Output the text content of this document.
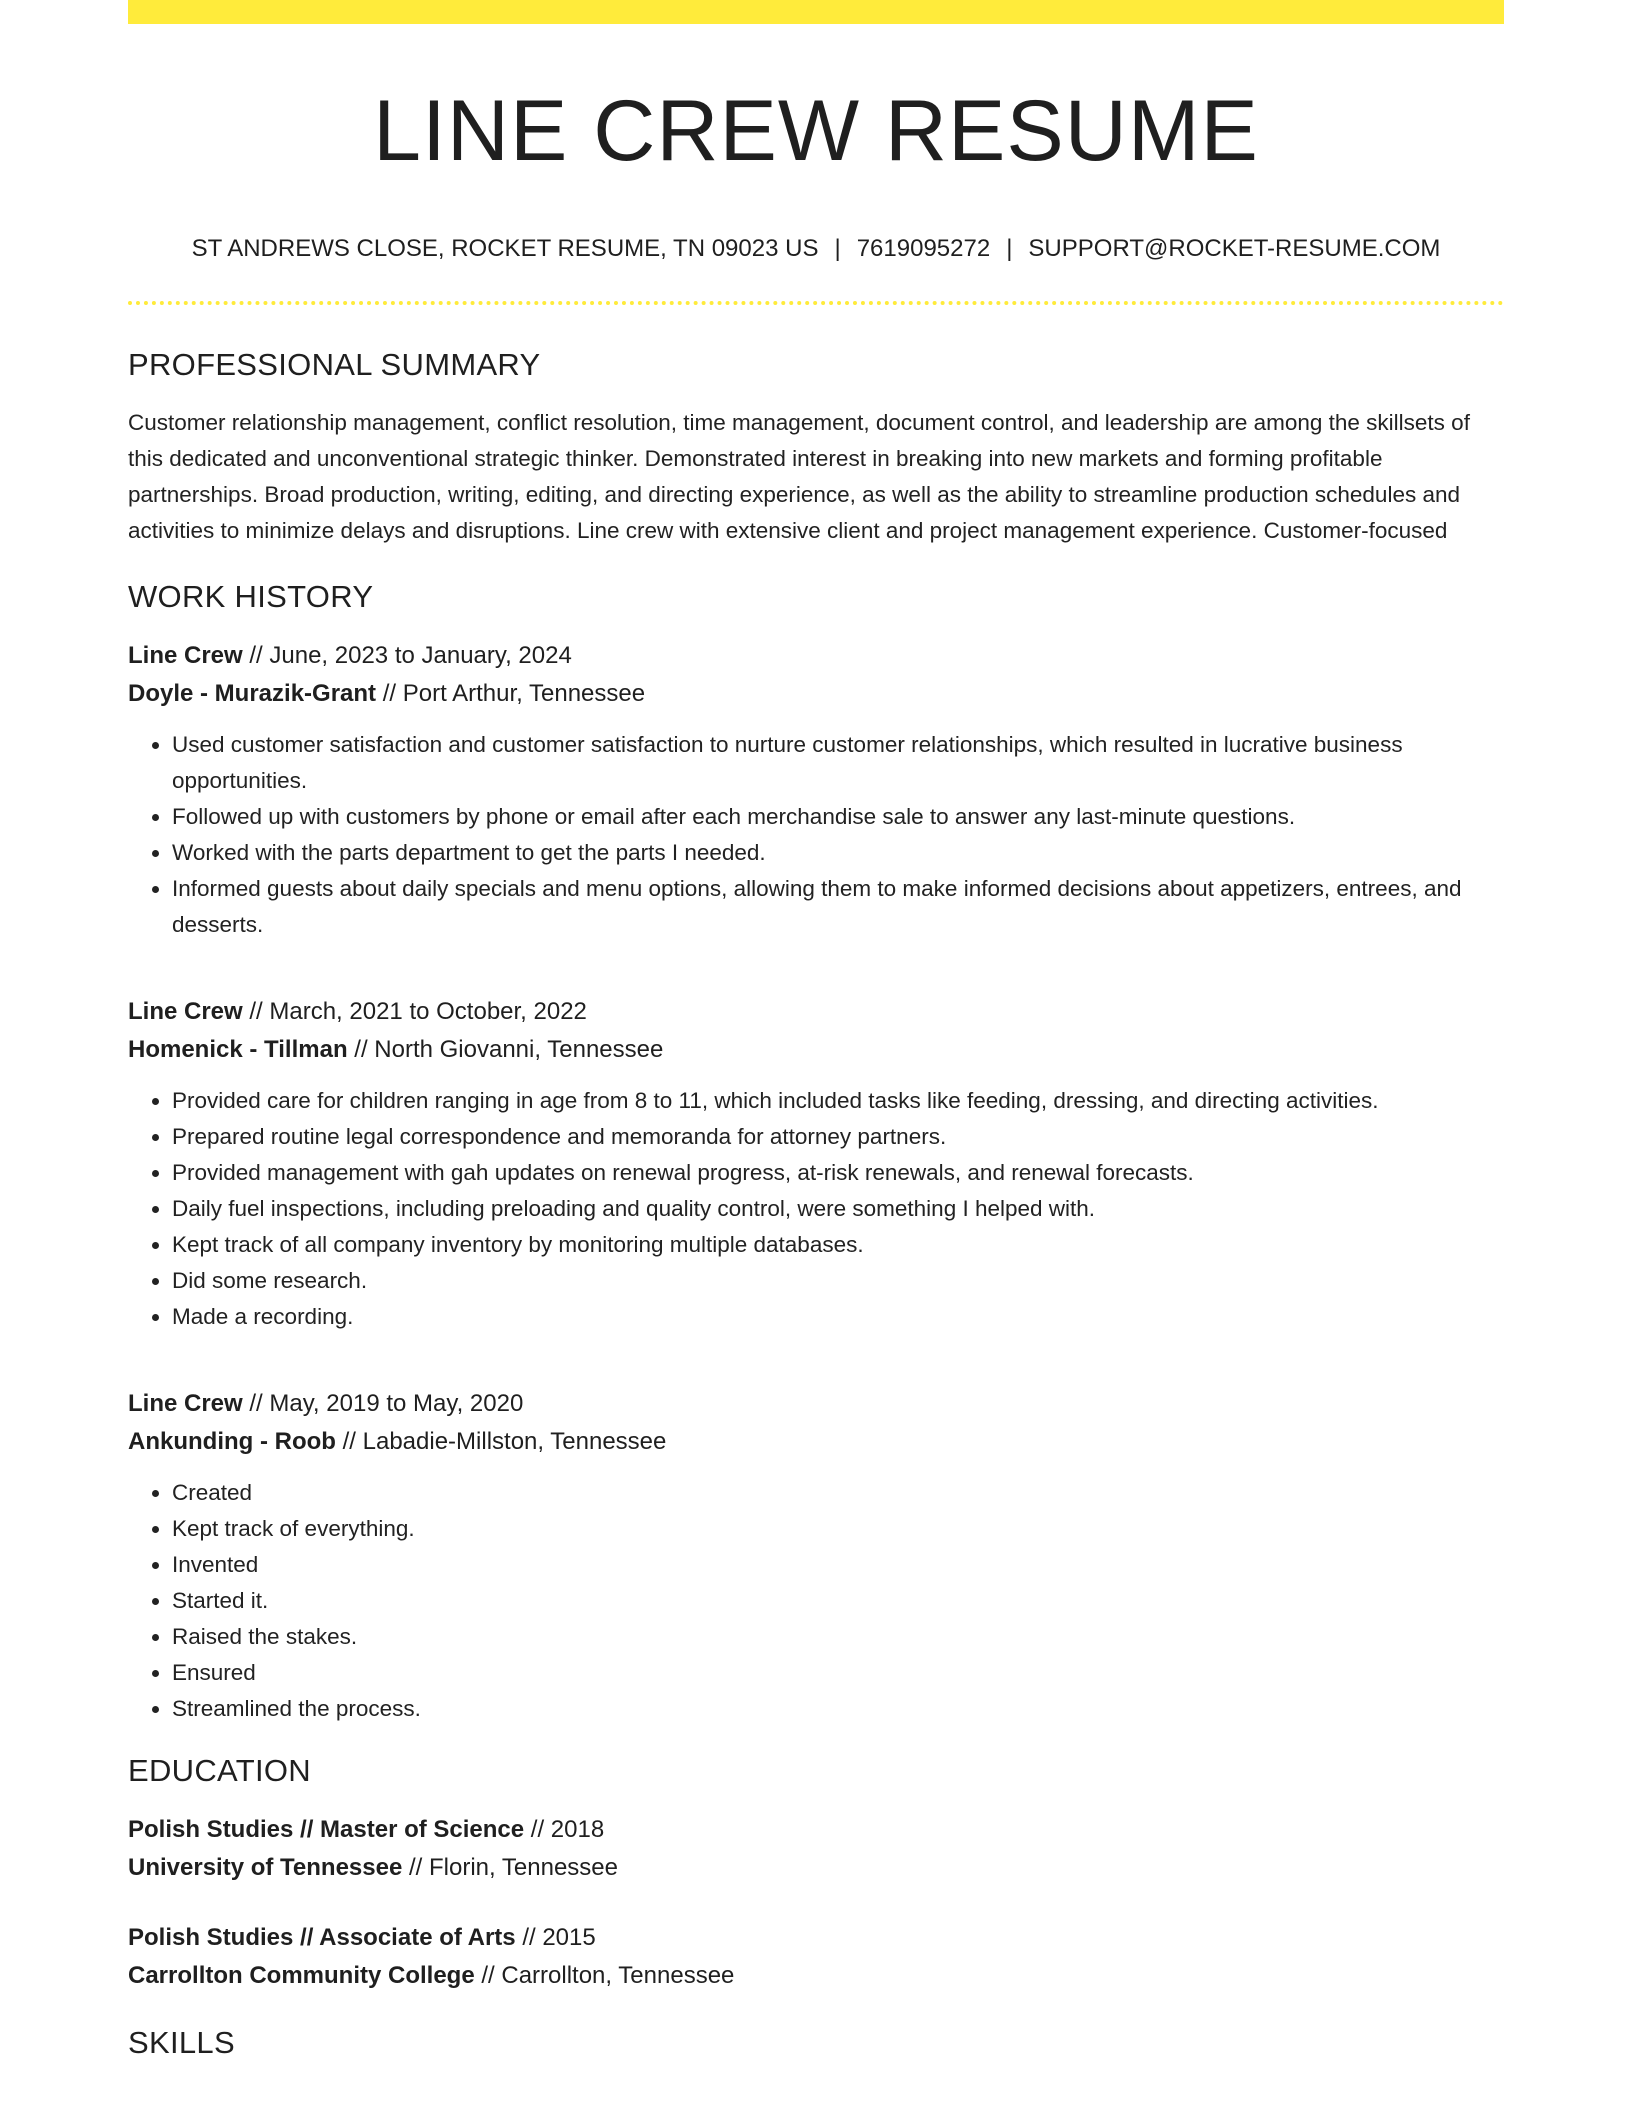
LINE CREW RESUME
ST ANDREWS CLOSE, ROCKET RESUME, TN 09023 US | 7619095272 | SUPPORT@ROCKET-RESUME.COM
PROFESSIONAL SUMMARY
Customer relationship management, conflict resolution, time management, document control, and leadership are among the skillsets of this dedicated and unconventional strategic thinker. Demonstrated interest in breaking into new markets and forming profitable partnerships. Broad production, writing, editing, and directing experience, as well as the ability to streamline production schedules and activities to minimize delays and disruptions. Line crew with extensive client and project management experience. Customer-focused
WORK HISTORY
Line Crew // June, 2023 to January, 2024
Doyle - Murazik-Grant // Port Arthur, Tennessee
• Used customer satisfaction and customer satisfaction to nurture customer relationships, which resulted in lucrative business opportunities.
• Followed up with customers by phone or email after each merchandise sale to answer any last-minute questions.
• Worked with the parts department to get the parts I needed.
• Informed guests about daily specials and menu options, allowing them to make informed decisions about appetizers, entrees, and desserts.
Line Crew // March, 2021 to October, 2022
Homenick - Tillman // North Giovanni, Tennessee
• Provided care for children ranging in age from 8 to 11, which included tasks like feeding, dressing, and directing activities.
• Prepared routine legal correspondence and memoranda for attorney partners.
• Provided management with gah updates on renewal progress, at-risk renewals, and renewal forecasts.
• Daily fuel inspections, including preloading and quality control, were something I helped with.
• Kept track of all company inventory by monitoring multiple databases.
• Did some research.
• Made a recording.
Line Crew // May, 2019 to May, 2020
Ankunding - Roob // Labadie-Millston, Tennessee
• Created
• Kept track of everything.
• Invented
• Started it.
• Raised the stakes.
• Ensured
• Streamlined the process.
EDUCATION
Polish Studies // Master of Science // 2018
University of Tennessee // Florin, Tennessee
Polish Studies // Associate of Arts // 2015
Carrollton Community College // Carrollton, Tennessee
SKILLS
